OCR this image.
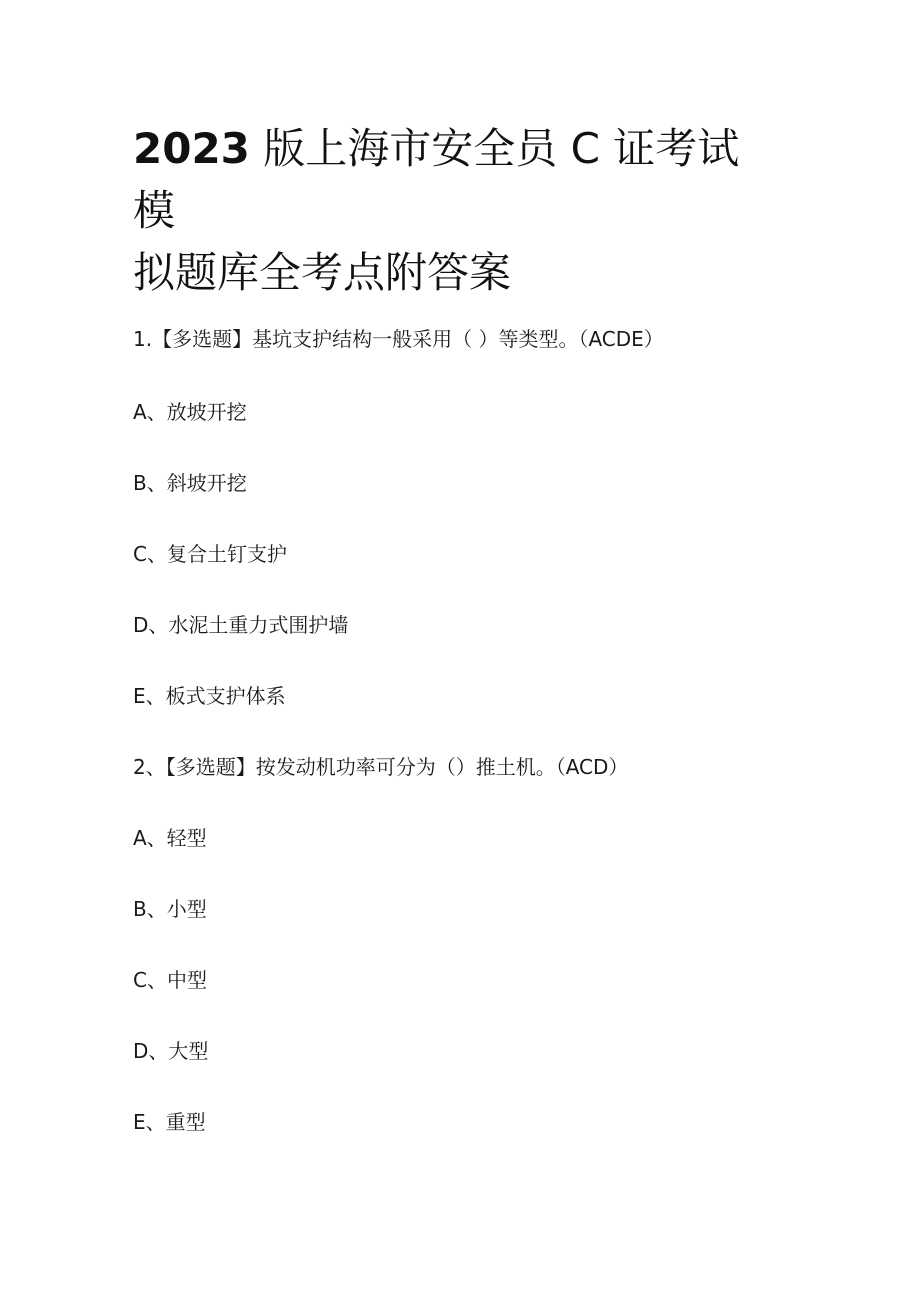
2023 版上海市安全员 C 证考试模
拟题库全考点附答案

1.【多选题】基坑支护结构一般采用（ ）等类型。（ACDE）

A、放坡开挖

B、斜坡开挖

C、复合土钉支护

D、水泥土重力式围护墙

E、板式支护体系

2、【多选题】按发动机功率可分为（）推土机。（ACD）

A、轻型

B、小型

C、中型

D、大型

E、重型
